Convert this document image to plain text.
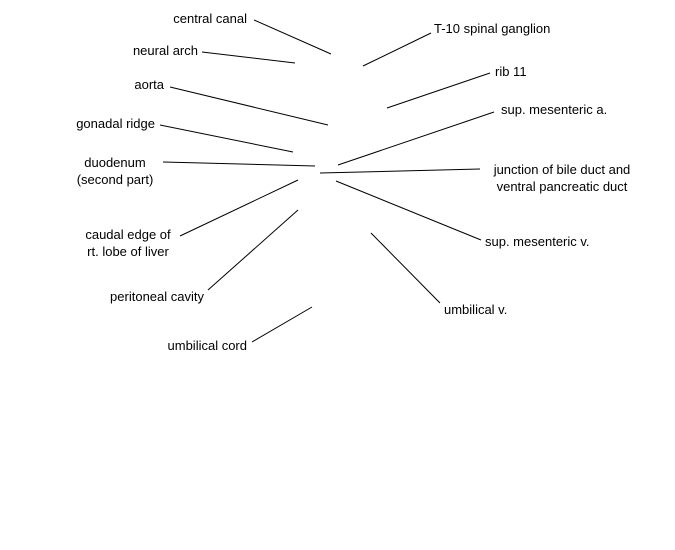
central canal
neural arch
aorta
gonadal ridge
duodenum
(second part)
caudal edge of
rt. lobe of liver
peritoneal cavity
umbilical cord
T-10 spinal ganglion
rib 11
sup. mesenteric a.
junction of bile duct and
ventral pancreatic duct
sup. mesenteric v.
umbilical v.
